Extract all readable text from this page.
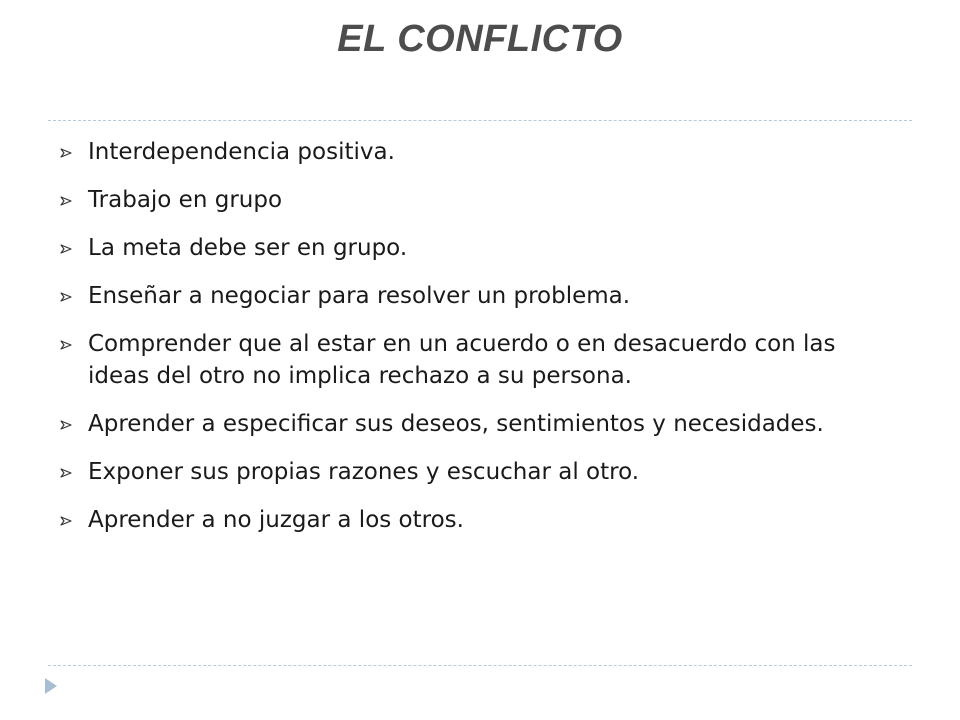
EL CONFLICTO
Interdependencia positiva.
Trabajo en grupo
La meta debe ser en grupo.
Enseñar a negociar para resolver un problema.
Comprender que al estar en un acuerdo o en desacuerdo con las ideas del otro no implica rechazo a su persona.
Aprender a especificar sus deseos, sentimientos y necesidades.
Exponer sus propias razones y escuchar al otro.
Aprender a no juzgar a los otros.
